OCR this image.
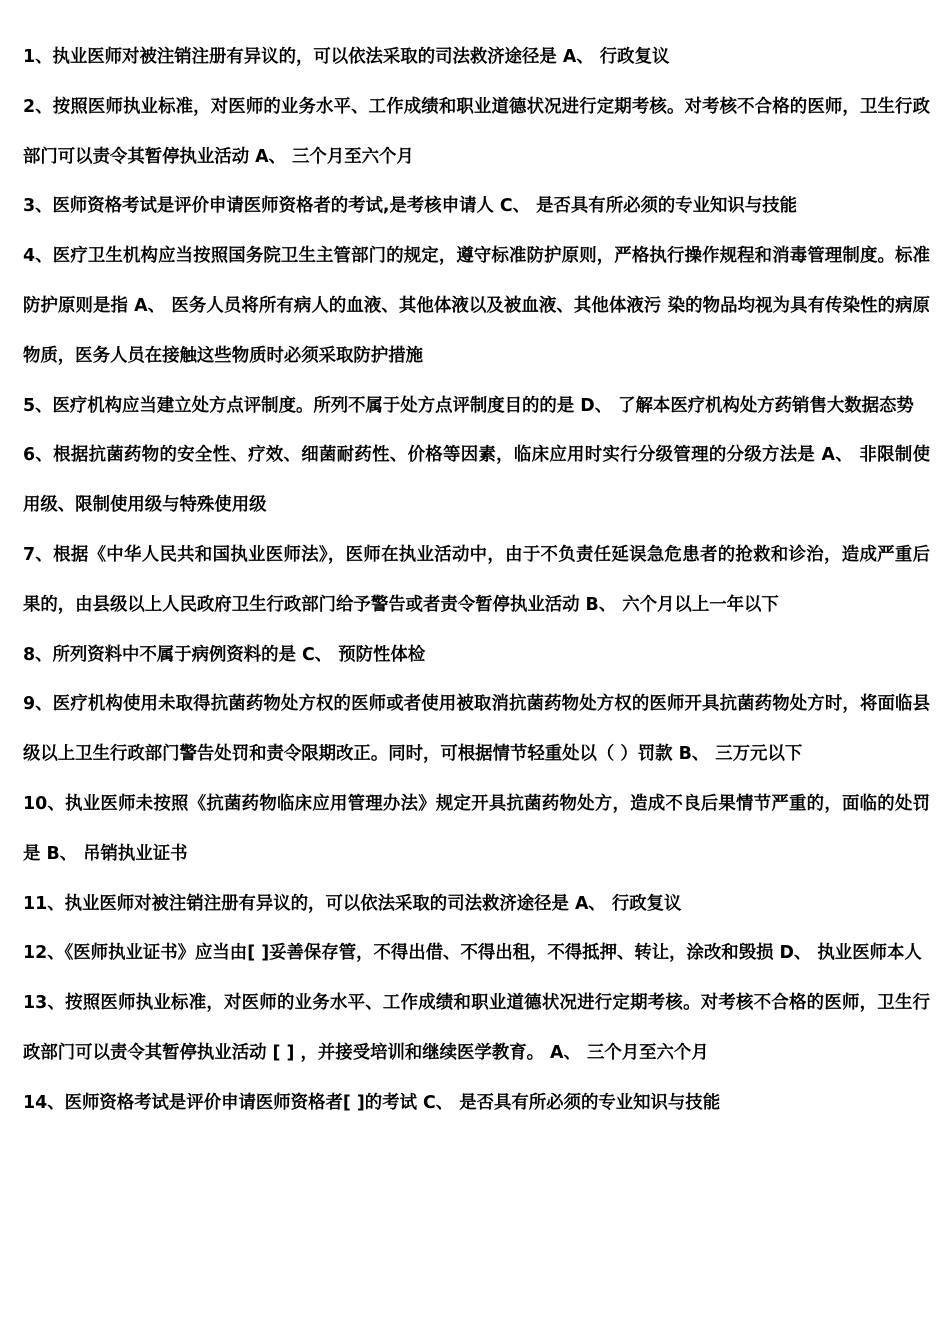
1、执业医师对被注销注册有异议的，可以依法采取的司法救济途径是 A、 行政复议

2、按照医师执业标准，对医师的业务水平、工作成绩和职业道德状况进行定期考核。对考核不合格的医师，卫生行政部门可以责令其暂停执业活动 A、 三个月至六个月

3、医师资格考试是评价申请医师资格者的考试,是考核申请人 C、 是否具有所必须的专业知识与技能

4、医疗卫生机构应当按照国务院卫生主管部门的规定，遵守标准防护原则，严格执行操作规程和消毒管理制度。标准防护原则是指 A、 医务人员将所有病人的血液、其他体液以及被血液、其他体液污 染的物品均视为具有传染性的病原物质，医务人员在接触这些物质时必须采取防护措施

5、医疗机构应当建立处方点评制度。所列不属于处方点评制度目的的是 D、 了解本医疗机构处方药销售大数据态势

6、根据抗菌药物的安全性、疗效、细菌耐药性、价格等因素，临床应用时实行分级管理的分级方法是 A、 非限制使用级、限制使用级与特殊使用级

7、根据《中华人民共和国执业医师法》，医师在执业活动中，由于不负责任延误急危患者的抢救和诊治，造成严重后果的，由县级以上人民政府卫生行政部门给予警告或者责令暂停执业活动 B、 六个月以上一年以下

8、所列资料中不属于病例资料的是 C、 预防性体检

9、医疗机构使用未取得抗菌药物处方权的医师或者使用被取消抗菌药物处方权的医师开具抗菌药物处方时，将面临县级以上卫生行政部门警告处罚和责令限期改正。同时，可根据情节轻重处以（ ）罚款 B、 三万元以下

10、执业医师未按照《抗菌药物临床应用管理办法》规定开具抗菌药物处方，造成不良后果情节严重的，面临的处罚是 B、 吊销执业证书

11、执业医师对被注销注册有异议的，可以依法采取的司法救济途径是 A、 行政复议

12、《医师执业证书》应当由[ ]妥善保存管，不得出借、不得出租，不得抵押、转让，涂改和毁损 D、 执业医师本人

13、按照医师执业标准，对医师的业务水平、工作成绩和职业道德状况进行定期考核。对考核不合格的医师，卫生行政部门可以责令其暂停执业活动 [ ] ，并接受培训和继续医学教育。 A、 三个月至六个月

14、医师资格考试是评价申请医师资格者[ ]的考试 C、 是否具有所必须的专业知识与技能
